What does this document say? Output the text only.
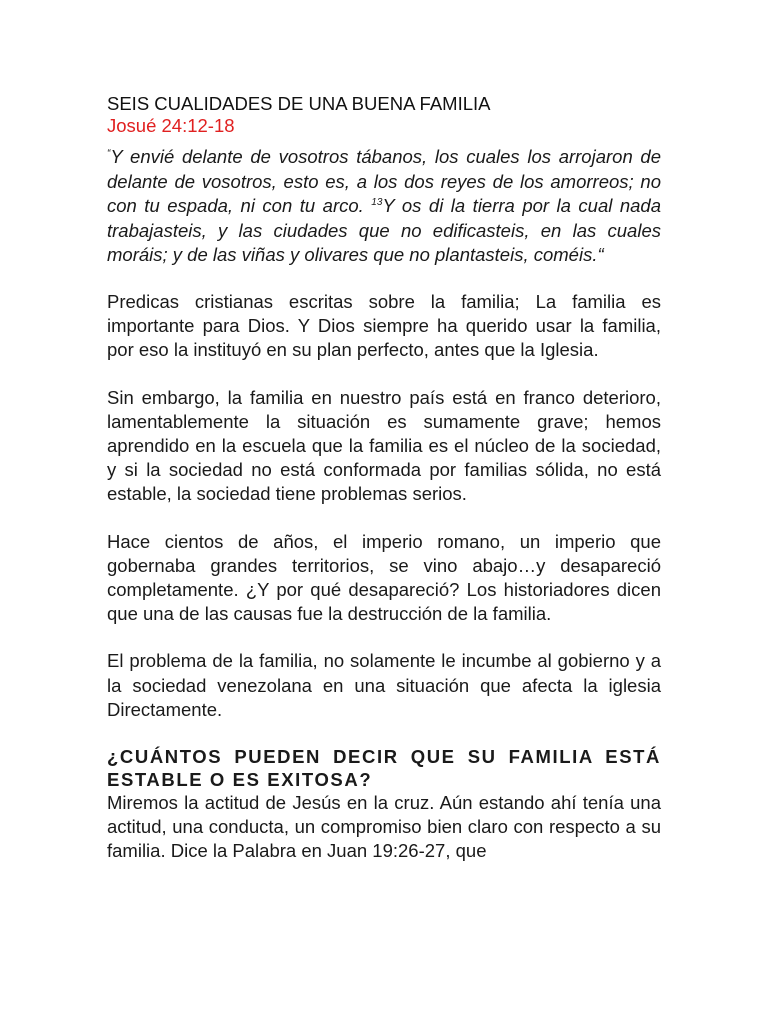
SEIS CUALIDADES DE UNA BUENA FAMILIA

Josué 24:12-18

“Y envié delante de vosotros tábanos, los cuales los arrojaron de delante de vosotros, esto es, a los dos reyes de los amorreos; no con tu espada, ni con tu arco. $^{13}$Y os di la tierra por la cual nada trabajasteis, y las ciudades que no edificasteis, en las cuales moráis; y de las viñas y olivares que no plantasteis, coméis.“

Predicas cristianas escritas sobre la familia; La familia es importante para Dios. Y Dios siempre ha querido usar la familia, por eso la instituyó en su plan perfecto, antes que la Iglesia.

Sin embargo, la familia en nuestro país está en franco deterioro, lamentablemente la situación es sumamente grave; hemos aprendido en la escuela que la familia es el núcleo de la sociedad, y si la sociedad no está conformada por familias sólida, no está estable, la sociedad tiene problemas serios.

Hace cientos de años, el imperio romano, un imperio que gobernaba grandes territorios, se vino abajo…y desapareció completamente. ¿Y por qué desapareció? Los historiadores dicen que una de las causas fue la destrucción de la familia.

El problema de la familia, no solamente le incumbe al gobierno y a la sociedad venezolana en una situación que afecta la iglesia Directamente.

¿CUÁNTOS PUEDEN DECIR QUE SU FAMILIA ESTÁ ESTABLE O ES EXITOSA?

Miremos la actitud de Jesús en la cruz. Aún estando ahí tenía una actitud, una conducta, un compromiso bien claro con respecto a su familia. Dice la Palabra en Juan 19:26-27, que
